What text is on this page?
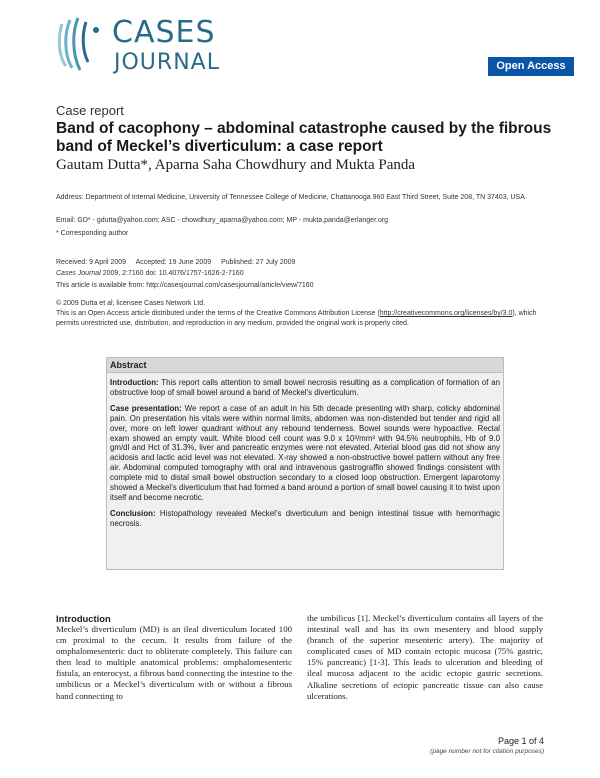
CASES
JOURNAL	Open Access
Case report
Band of cacophony – abdominal catastrophe caused by the fibrous band of Meckel’s diverticulum: a case report
Gautam Dutta*, Aparna Saha Chowdhury and Mukta Panda
Address: Department of Internal Medicine, University of Tennessee College of Medicine, Chattanooga 960 East Third Street, Suite 208, TN 37403, USA
Email: GD* - gdutta@yahoo.com; ASC - chowdhury_aparna@yahoo.com; MP - mukta.panda@erlanger.org
* Corresponding author
Received: 9 April 2009 Accepted: 19 June 2009 Published: 27 July 2009
Cases Journal 2009, 2:7160 doi: 10.4076/1757-1626-2-7160
This article is available from: http://casesjournal.com/casesjournal/article/view/7160
© 2009 Dutta et al; licensee Cases Network Ltd.
This is an Open Access article distributed under the terms of the Creative Commons Attribution License (http://creativecommons.org/licenses/by/3.0), which permits unrestricted use, distribution, and reproduction in any medium, provided the original work is properly cited.
Abstract

Introduction: This report calls attention to small bowel necrosis resulting as a complication of formation of an obstructive loop of small bowel around a band of Meckel’s diverticulum.

Case presentation: We report a case of an adult in his 5th decade presenting with sharp, colicky abdominal pain. On presentation his vitals were within normal limits, abdomen was non-distended but tender and rigid all over, more on left lower quadrant without any rebound tenderness. Bowel sounds were hypoactive. Rectal exam showed an empty vault. White blood cell count was 9.0 x 10³/mm³ with 94.5% neutrophils, Hb of 9.0 gm/dl and Hct of 31.3%, liver and pancreatic enzymes were not elevated. Arterial blood gas did not show any acidosis and lactic acid level was not elevated. X-ray showed a non-obstructive bowel pattern without any free air. Abdominal computed tomography with oral and intravenous gastrograffin showed findings consistent with complete mid to distal small bowel obstruction secondary to a closed loop obstruction. Emergent laparotomy showed a Meckel’s diverticulum that had formed a band around a portion of small bowel causing it to twist upon itself and become necrotic.

Conclusion: Histopathology revealed Meckel’s diverticulum and benign intestinal tissue with hemorrhagic necrosis.

Introduction
Meckel’s diverticulum (MD) is an ileal diverticulum located 100 cm proximal to the cecum. It results from failure of the omphalomesenteric duct to obliterate completely. This failure can then lead to multiple anatomical problems: omphalomesenteric fistula, an enterocyst, a fibrous band connecting the intestine to the umbilicus or a Meckel’s diverticulum with or without a fibrous band connecting to
the umbilicus [1]. Meckel’s diverticulum contains all layers of the intestinal wall and has its own mesentery and blood supply (branch of the superior mesenteric artery). The majority of complicated cases of MD contain ectopic mucosa (75% gastric, 15% pancreatic) [1-3]. This leads to ulceration and bleeding of ileal mucosa adjacent to the acidic ectopic gastric secretions. Alkaline secretions of ectopic pancreatic tissue can also cause ulcerations.
Page 1 of 4
(page number not for citation purposes)
